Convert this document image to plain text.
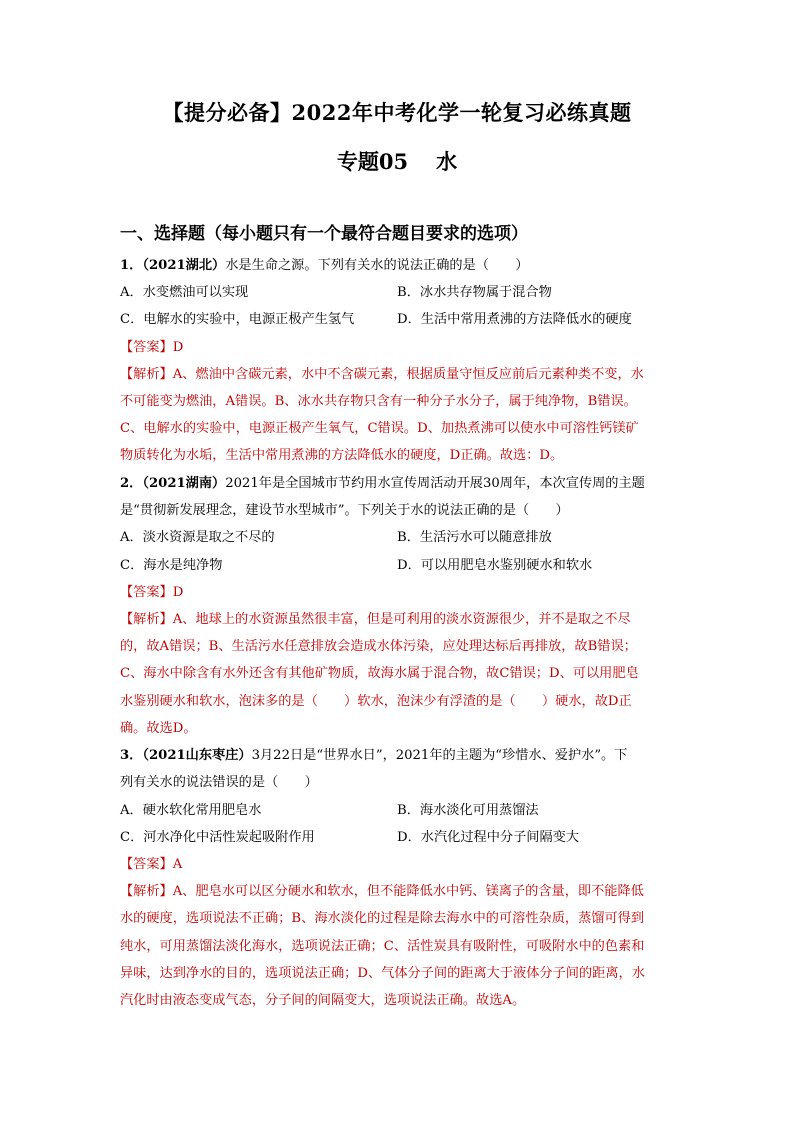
【提分必备】2022年中考化学一轮复习必练真题
专题05 水
一、选择题（每小题只有一个最符合题目要求的选项）
1．（2021湖北）水是生命之源。下列有关水的说法正确的是（　　）
A．水变燃油可以实现	B．冰水共存物属于混合物
C．电解水的实验中，电源正极产生氢气	D．生活中常用煮沸的方法降低水的硬度
【答案】D
【解析】A、燃油中含碳元素，水中不含碳元素，根据质量守恒反应前后元素种类不变，水
不可能变为燃油，A错误。B、冰水共存物只含有一种分子水分子，属于纯净物，B错误。
C、电解水的实验中，电源正极产生氧气，C错误。D、加热煮沸可以使水中可溶性钙镁矿
物质转化为水垢，生活中常用煮沸的方法降低水的硬度，D正确。故选：D。
2．（2021湖南）2021年是全国城市节约用水宣传周活动开展30周年，本次宣传周的主题
是“贯彻新发展理念，建设节水型城市”。下列关于水的说法正确的是（　　）
A．淡水资源是取之不尽的	B．生活污水可以随意排放
C．海水是纯净物	D．可以用肥皂水鉴别硬水和软水
【答案】D
【解析】A、地球上的水资源虽然很丰富，但是可利用的淡水资源很少，并不是取之不尽
的，故A错误；B、生活污水任意排放会造成水体污染，应处理达标后再排放，故B错误；
C、海水中除含有水外还含有其他矿物质，故海水属于混合物，故C错误；D、可以用肥皂
水鉴别硬水和软水，泡沫多的是（　　）软水，泡沫少有浮渣的是（　　）硬水，故D正
确。故选D。
3．（2021山东枣庄）3月22日是“世界水日”，2021年的主题为“珍惜水、爱护水”。下
列有关水的说法错误的是（　　）
A．硬水软化常用肥皂水	B．海水淡化可用蒸馏法
C．河水净化中活性炭起吸附作用	D．水汽化过程中分子间隔变大
【答案】A
【解析】A、肥皂水可以区分硬水和软水，但不能降低水中钙、镁离子的含量，即不能降低
水的硬度，选项说法不正确；B、海水淡化的过程是除去海水中的可溶性杂质，蒸馏可得到
纯水，可用蒸馏法淡化海水，选项说法正确；C、活性炭具有吸附性，可吸附水中的色素和
异味，达到净水的目的，选项说法正确；D、气体分子间的距离大于液体分子间的距离，水
汽化时由液态变成气态，分子间的间隔变大，选项说法正确。故选A。
